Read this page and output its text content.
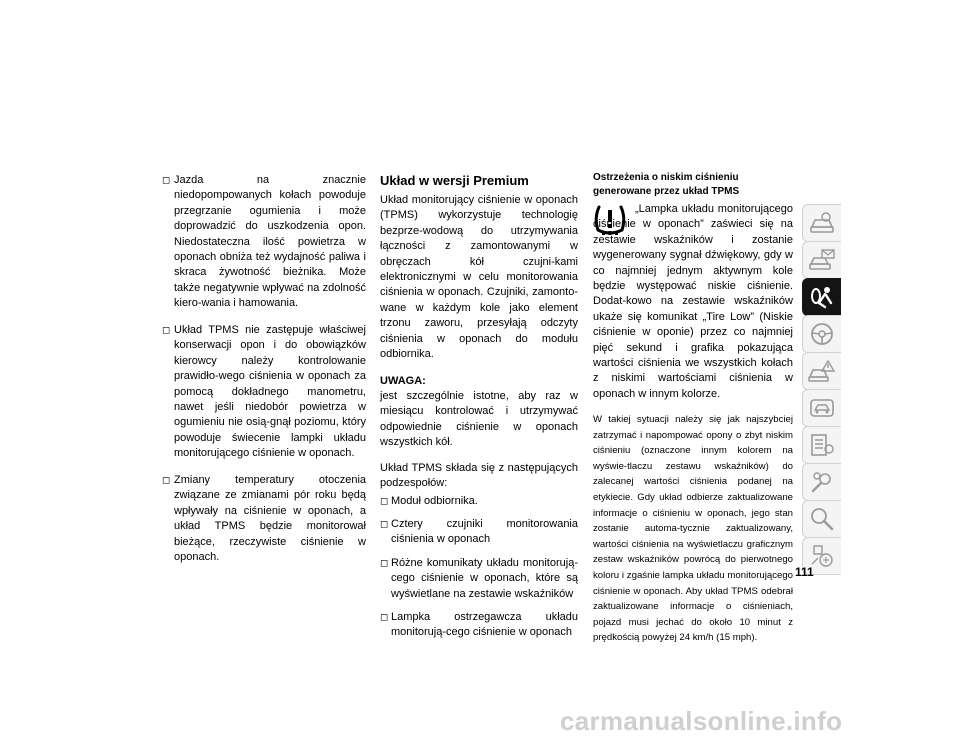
◻ Jazda na znacznie niedopompowanych kołach powoduje przegrzanie ogumienia i może doprowadzić do uszkodzenia opon. Niedostateczna ilość powietrza w oponach obniża też wydajność paliwa i skraca żywotność bieżnika. Może także negatywnie wpływać na zdolność kiero-wania i hamowania.

◻ Układ TPMS nie zastępuje właściwej konserwacji opon i do obowiązków kierowcy należy kontrolowanie prawidło-wego ciśnienia w oponach za pomocą dokładnego manometru, nawet jeśli niedobór powietrza w ogumieniu nie osią-gnął poziomu, który powoduje świecenie lampki układu monitorującego ciśnienie w oponach.

◻ Zmiany temperatury otoczenia związane ze zmianami pór roku będą wpływały na ciśnienie w oponach, a układ TPMS będzie monitorował bieżące, rzeczywiste ciśnienie w oponach.

Układ w wersji Premium

Układ monitorujący ciśnienie w oponach (TPMS) wykorzystuje technologię bezprze-wodową do utrzymywania łączności z zamontowanymi w obręczach kół czujni-kami elektronicznymi w celu monitorowania ciśnienia w oponach. Czujniki, zamonto-wane w każdym kole jako element trzonu zaworu, przesyłają odczyty ciśnienia w oponach do modułu odbiornika.

UWAGA:

jest szczególnie istotne, aby raz w miesiącu kontrolować i utrzymywać odpowiednie ciśnienie w oponach wszystkich kół.

Układ TPMS składa się z następujących podzespołów:

◻ Moduł odbiornika.

◻ Cztery czujniki monitorowania ciśnienia w oponach

◻ Różne komunikaty układu monitorują-cego ciśnienie w oponach, które są wyświetlane na zestawie wskaźników

◻ Lampka ostrzegawcza układu monitorują-cego ciśnienie w oponach

Ostrzeżenia o niskim ciśnieniu generowane przez układ TPMS

„Lampka układu monitorującego ciśnienie w oponach” zaświeci się na zestawie wskaźników i zostanie wygenerowany sygnał dźwiękowy, gdy w co najmniej jednym aktywnym kole będzie występować niskie ciśnienie. Dodat-kowo na zestawie wskaźników ukaże się komunikat „Tire Low” (Niskie ciśnienie w oponie) przez co najmniej pięć sekund i grafika pokazująca wartości ciśnienia we wszystkich kołach z niskimi wartościami ciśnienia w oponach w innym kolorze.

W takiej sytuacji należy się jak najszybciej zatrzymać i napompować opony o zbyt niskim ciśnieniu (oznaczone innym kolorem na wyświe-tlaczu zestawu wskaźników) do zalecanej wartości ciśnienia podanej na etykiecie. Gdy układ odbierze zaktualizowane informacje o ciśnieniu w oponach, jego stan zostanie automa-tycznie zaktualizowany, wartości ciśnienia na wyświetlaczu graficznym zestaw wskaźników powrócą do pierwotnego koloru i zgaśnie lampka układu monitorującego ciśnienie w oponach. Aby układ TPMS odebrał zaktualizowane informacje o ciśnieniach, pojazd musi jechać do około 10 minut z prędkością powyżej 24 km/h (15 mph).

111
carmanualsonline.info
